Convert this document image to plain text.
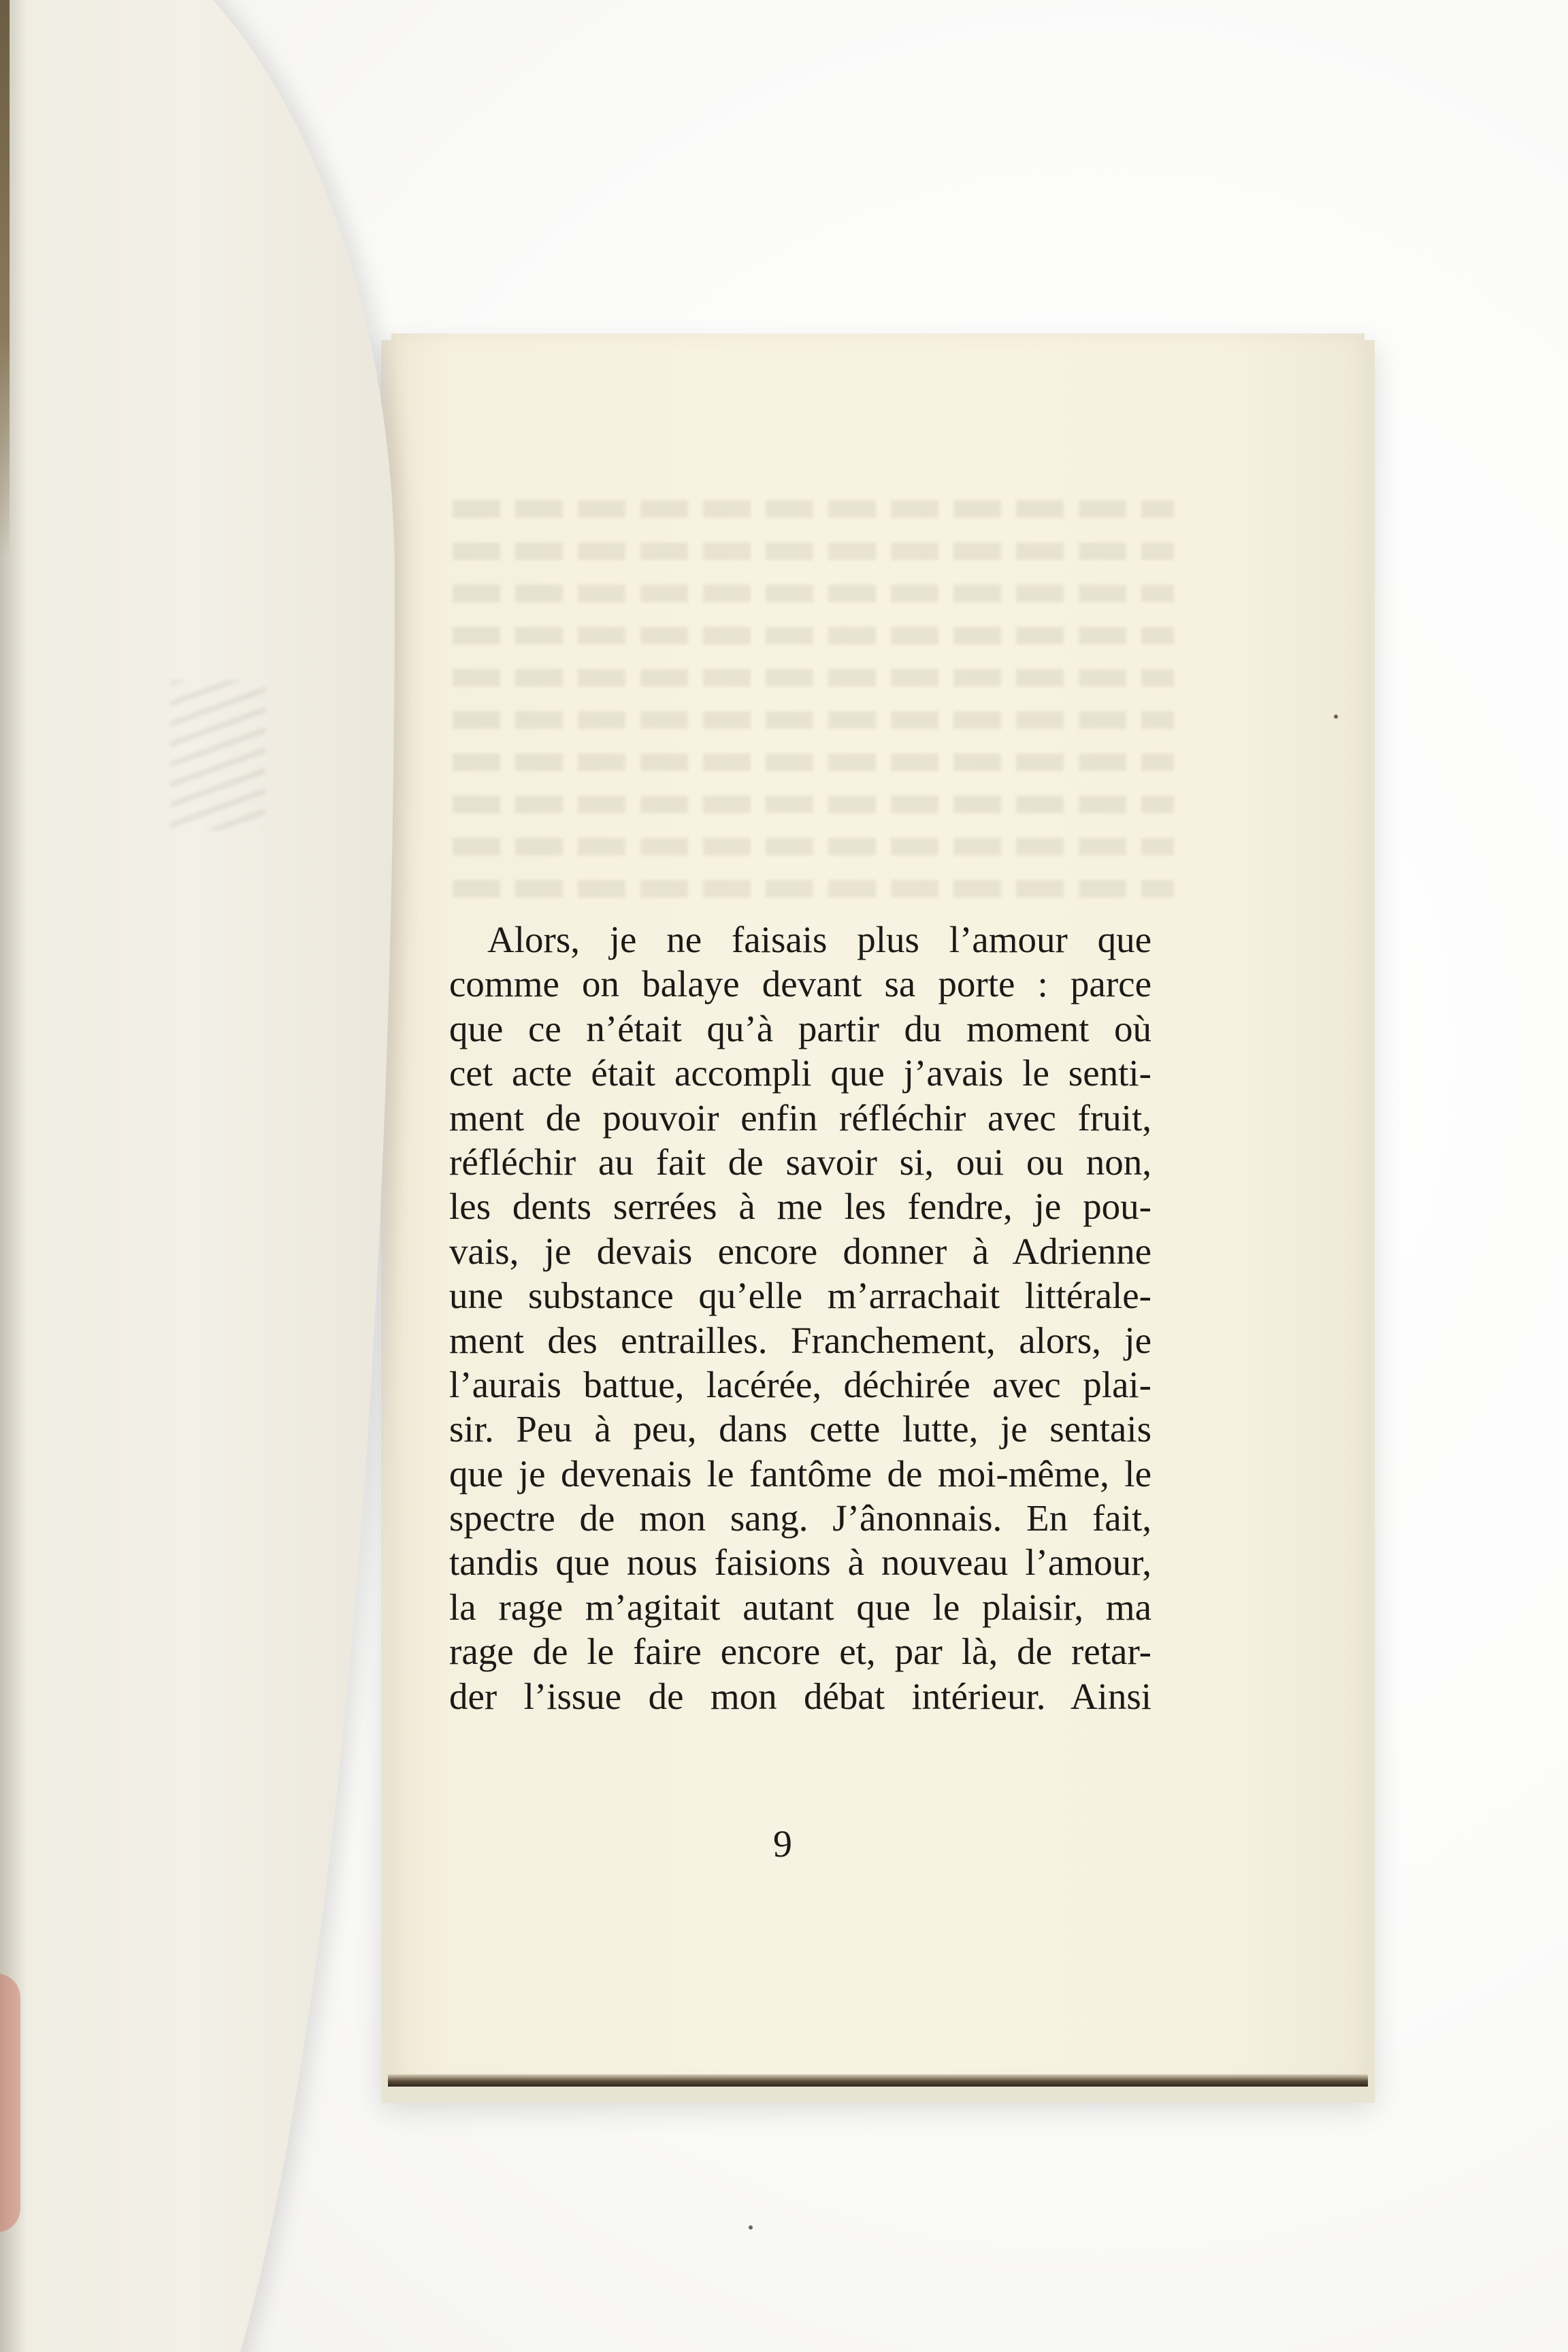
Alors, je ne faisais plus l’amour que
comme on balaye devant sa porte : parce
que ce n’était qu’à partir du moment où
cet acte était accompli que j’avais le senti-
ment de pouvoir enfin réfléchir avec fruit,
réfléchir au fait de savoir si, oui ou non,
les dents serrées à me les fendre, je pou-
vais, je devais encore donner à Adrienne
une substance qu’elle m’arrachait littérale-
ment des entrailles. Franchement, alors, je
l’aurais battue, lacérée, déchirée avec plai-
sir. Peu à peu, dans cette lutte, je sentais
que je devenais le fantôme de moi-même, le
spectre de mon sang. J’ânonnais. En fait,
tandis que nous faisions à nouveau l’amour,
la rage m’agitait autant que le plaisir, ma
rage de le faire encore et, par là, de retar-
der l’issue de mon débat intérieur. Ainsi
9
